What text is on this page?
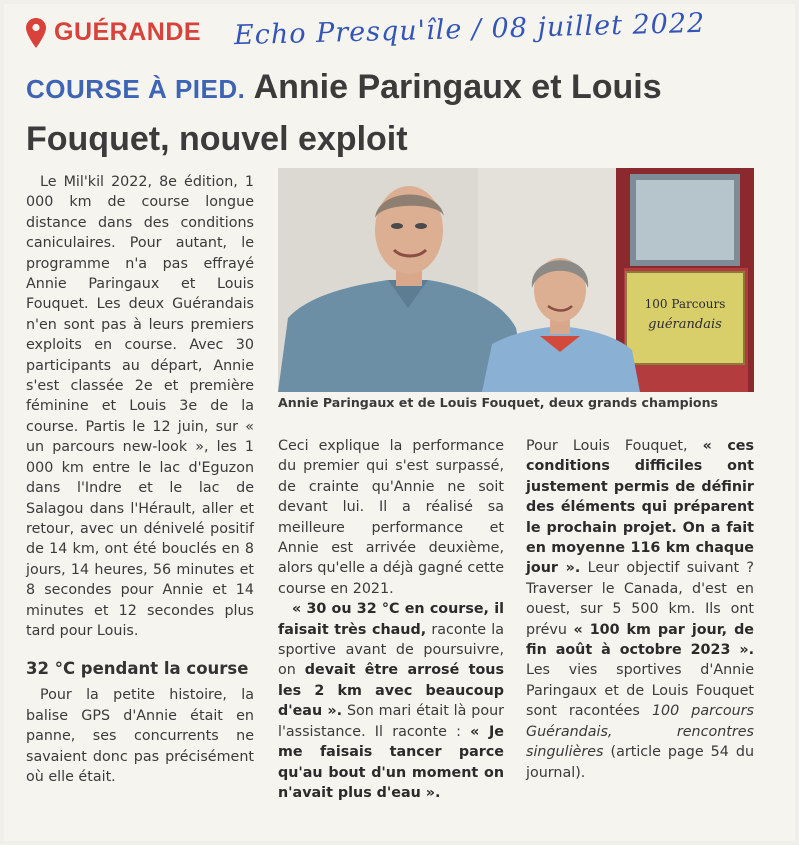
GUÉRANDE Echo Presqu'île / 08 juillet 2022
COURSE À PIED. Annie Paringaux et Louis Fouquet, nouvel exploit

Le Mil'kil 2022, 8e édition, 1 000 km de course longue distance dans des conditions caniculaires. Pour autant, le programme n'a pas effrayé Annie Paringaux et Louis Fouquet. Les deux Guérandais n'en sont pas à leurs premiers exploits en course. Avec 30 participants au départ, Annie s'est classée 2e et première féminine et Louis 3e de la course. Partis le 12 juin, sur « un parcours new-look », les 1 000 km entre le lac d'Eguzon dans l'Indre et le lac de Salagou dans l'Hérault, aller et retour, avec un dénivelé positif de 14 km, ont été bouclés en 8 jours, 14 heures, 56 minutes et 8 secondes pour Annie et 14 minutes et 12 secondes plus tard pour Louis.

32 °C pendant la course

Pour la petite histoire, la balise GPS d'Annie était en panne, ses concurrents ne savaient donc pas précisément où elle était.

100 Parcours
guérandais
Annie Paringaux et de Louis Fouquet, deux grands champions

Ceci explique la performance du premier qui s'est surpassé, de crainte qu'Annie ne soit devant lui. Il a réalisé sa meilleure performance et Annie est arrivée deuxième, alors qu'elle a déjà gagné cette course en 2021.

« 30 ou 32 °C en course, il faisait très chaud, raconte la sportive avant de poursuivre, on devait être arrosé tous les 2 km avec beaucoup d'eau ». Son mari était là pour l'assistance. Il raconte : « Je me faisais tancer parce qu'au bout d'un moment on n'avait plus d'eau ».

Pour Louis Fouquet, « ces conditions difficiles ont justement permis de définir des éléments qui préparent le prochain projet. On a fait en moyenne 116 km chaque jour ». Leur objectif suivant ? Traverser le Canada, d'est en ouest, sur 5 500 km. Ils ont prévu « 100 km par jour, de fin août à octobre 2023 ». Les vies sportives d'Annie Paringaux et de Louis Fouquet sont racontées 100 parcours Guérandais, rencontres singulières (article page 54 du journal).
